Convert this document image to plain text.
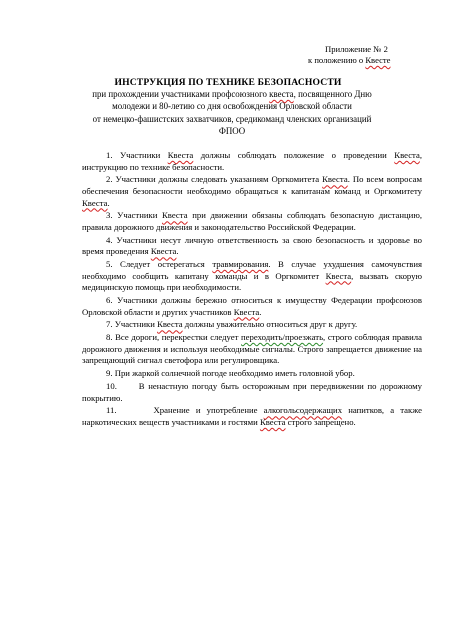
Приложение № 2
к положению о Квесте
ИНСТРУКЦИЯ ПО ТЕХНИКЕ БЕЗОПАСНОСТИ
при прохождении участниками профсоюзного квеста, посвященного Дню
молодежи и 80-летию со дня освобождения Орловской области
от немецко-фашистских захватчиков, средикоманд членских организаций
ФПОО

1. Участники Квеста должны соблюдать положение о проведении Квеста, инструкцию по технике безопасности.

2. Участники должны следовать указаниям Оргкомитета Квеста. По всем вопросам обеспечения безопасности необходимо обращаться к капитанам команд и Оргкомитету Квеста.

3. Участники Квеста при движении обязаны соблюдать безопасную дистанцию, правила дорожного движения и законодательство Российской Федерации.

4. Участники несут личную ответственность за свою безопасность и здоровье во время проведения Квеста.

5. Следует остерегаться травмирования. В случае ухудшения самочувствия необходимо сообщить капитану команды и в Оргкомитет Квеста, вызвать скорую медицинскую помощь при необходимости.

6. Участники должны бережно относиться к имуществу Федерации профсоюзов Орловской области и других участников Квеста.

7. Участники Квеста должны уважительно относиться друг к другу.

8. Все дороги, перекрестки следует переходить/проезжать, строго соблюдая правила дорожного движения и используя необходимые сигналы. Строго запрещается движение на запрещающий сигнал светофора или регулировщика.

9. При жаркой солнечной погоде необходимо иметь головной убор.

10.      В ненастную погоду быть осторожным при передвижении по дорожному покрытию.

11.      Хранение и употребление алкогольсодержащих напитков, а также наркотических веществ участниками и гостями Квеста строго запрещено.
